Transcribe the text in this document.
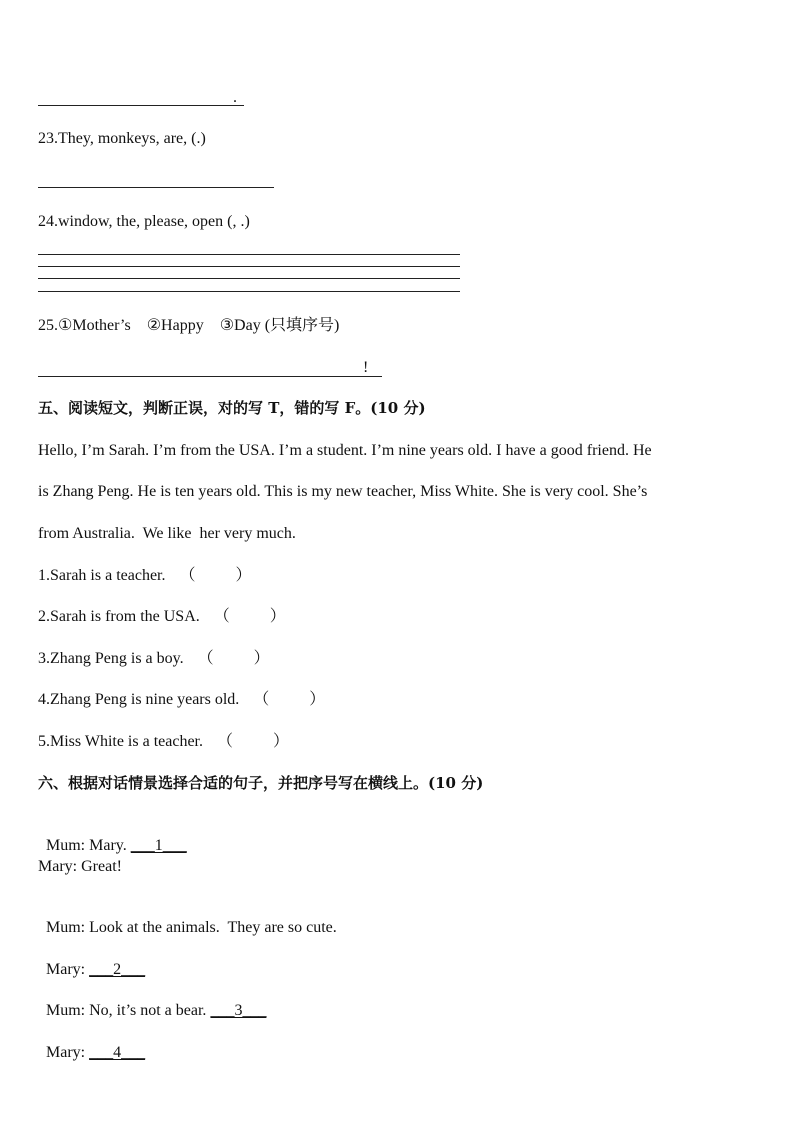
.
23.They, monkeys, are, (.)
24.window, the, please, open (, .)
25.①Mother’s    ②Happy    ③Day (只填序号)
!
五、阅读短文，判断正误，对的写 T，错的写 F。(10 分)
Hello, I’m Sarah. I’m from the USA. I’m a student. I’m nine years old. I have a good friend. He
is Zhang Peng. He is ten years old. This is my new teacher, Miss White. She is very cool. She’s
from Australia.  We like  her very much.
1.Sarah is a teacher. （          ）
2.Sarah is from the USA. （          ）
3.Zhang Peng is a boy. （          ）
4.Zhang Peng is nine years old. （          ）
5.Miss White is a teacher. （          ）
六、根据对话情景选择合适的句子，并把序号写在横线上。(10 分)

Mum: Mary. ___1___

Mary: Great!

Mum: Look at the animals.  They are so cute.

Mary: ___2___

Mum: No, it’s not a bear. ___3___

Mary: ___4___
